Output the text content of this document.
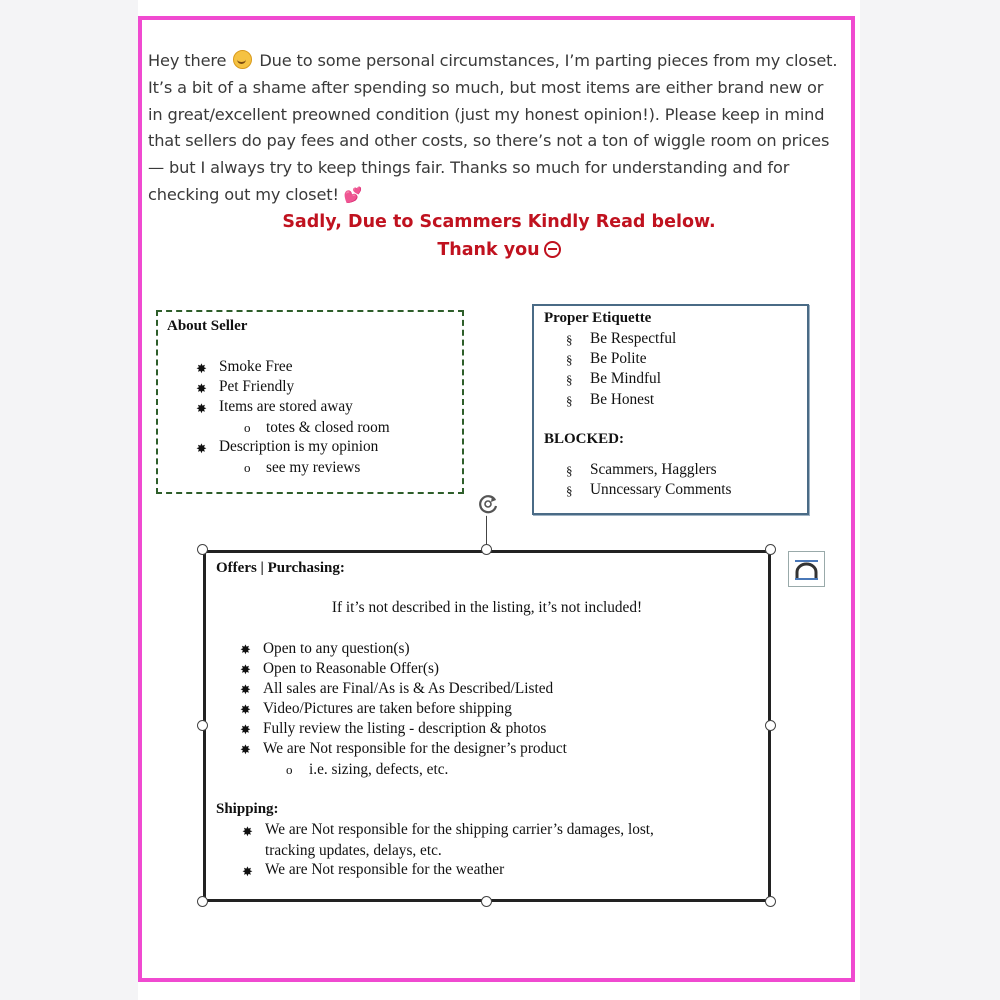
Hey there  Due to some personal circumstances, I’m parting pieces from my closet. It’s a bit of a shame after spending so much, but most items are either brand new or in great/excellent preowned condition (just my honest opinion!). Please keep in mind that sellers do pay fees and other costs, so there’s not a ton of wiggle room on prices — but I always try to keep things fair. Thanks so much for understanding and for checking out my closet! 💕
Sadly, Due to Scammers Kindly Read below.
Thank you
About Seller
✸ Smoke Free
✸ Pet Friendly
✸ Items are stored away
o totes & closed room
✸ Description is my opinion
o see my reviews
Proper Etiquette
§ Be Respectful
§ Be Polite
§ Be Mindful
§ Be Honest
BLOCKED:
§ Scammers, Hagglers
§ Unncessary Comments
Offers | Purchasing:
If it’s not described in the listing, it’s not included!
✸ Open to any question(s)
✸ Open to Reasonable Offer(s)
✸ All sales are Final/As is & As Described/Listed
✸ Video/Pictures are taken before shipping
✸ Fully review the listing - description & photos
✸ We are Not responsible for the designer’s product
o i.e. sizing, defects, etc.
Shipping:
✸ We are Not responsible for the shipping carrier’s damages, lost,
tracking updates, delays, etc.
✸ We are Not responsible for the weather
